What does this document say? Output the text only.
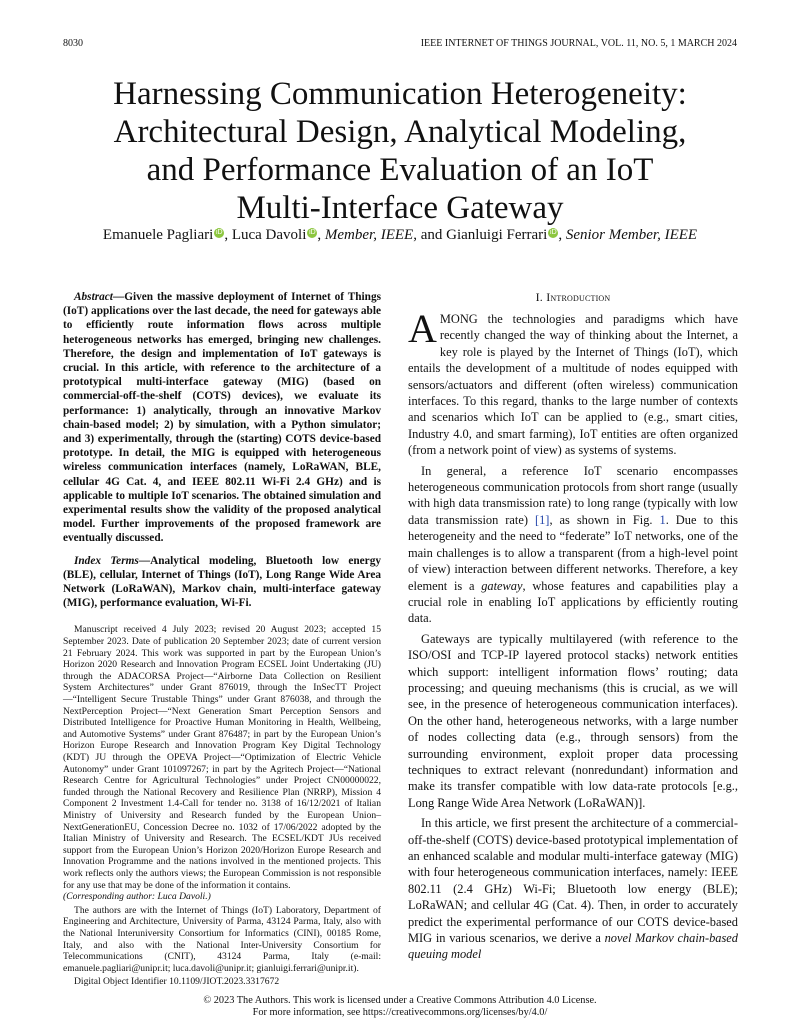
8030	IEEE INTERNET OF THINGS JOURNAL, VOL. 11, NO. 5, 1 MARCH 2024
Harnessing Communication Heterogeneity:
Architectural Design, Analytical Modeling,
and Performance Evaluation of an IoT
Multi-Interface Gateway
Emanuele Pagliari iD , Luca Davoli iD , Member, IEEE, and Gianluigi Ferrari iD , Senior Member, IEEE

Abstract—Given the massive deployment of Internet of Things (IoT) applications over the last decade, the need for gateways able to efficiently route information flows across multiple heterogeneous networks has emerged, bringing new challenges. Therefore, the design and implementation of IoT gateways is crucial. In this article, with reference to the architecture of a prototypical multi-interface gateway (MIG) (based on commercial-off-the-shelf (COTS) devices), we evaluate its performance: 1) analytically, through an innovative Markov chain-based model; 2) by simulation, with a Python simulator; and 3) experimentally, through the (starting) COTS device-based prototype. In detail, the MIG is equipped with heterogeneous wireless communication interfaces (namely, LoRaWAN, BLE, cellular 4G Cat. 4, and IEEE 802.11 Wi-Fi 2.4 GHz) and is applicable to multiple IoT scenarios. The obtained simulation and experimental results show the validity of the proposed analytical model. Further improvements of the proposed framework are eventually discussed.

Index Terms—Analytical modeling, Bluetooth low energy (BLE), cellular, Internet of Things (IoT), Long Range Wide Area Network (LoRaWAN), Markov chain, multi-interface gateway (MIG), performance evaluation, Wi-Fi.

Manuscript received 4 July 2023; revised 20 August 2023; accepted 15 September 2023. Date of publication 20 September 2023; date of current version 21 February 2024. This work was supported in part by the European Union’s Horizon 2020 Research and Innovation Program ECSEL Joint Undertaking (JU) through the ADACORSA Project—“Airborne Data Collection on Resilient System Architectures” under Grant 876019, through the InSecTT Project—“Intelligent Secure Trustable Things” under Grant 876038, and through the NextPerception Project—“Next Generation Smart Perception Sensors and Distributed Intelligence for Proactive Human Monitoring in Health, Wellbeing, and Automotive Systems” under Grant 876487; in part by the European Union’s Horizon Europe Research and Innovation Program Key Digital Technology (KDT) JU through the OPEVA Project—“Optimization of Electric Vehicle Autonomy” under Grant 101097267; in part by the Agritech Project—“National Research Centre for Agricultural Technologies” under Project CN00000022, funded through the National Recovery and Resilience Plan (NRRP), Mission 4 Component 2 Investment 1.4-Call for tender no. 3138 of 16/12/2021 of Italian Ministry of University and Research funded by the European Union–NextGenerationEU, Concession Decree no. 1032 of 17/06/2022 adopted by the Italian Ministry of University and Research. The ECSEL/KDT JUs received support from the European Union’s Horizon 2020/Horizon Europe Research and Innovation Programme and the nations involved in the mentioned projects. This work reflects only the authors views; the European Commission is not responsible for any use that may be done of the information it contains.
(Corresponding author: Luca Davoli.)

The authors are with the Internet of Things (IoT) Laboratory, Department of Engineering and Architecture, University of Parma, 43124 Parma, Italy, also with the National Interuniversity Consortium for Informatics (CINI), 00185 Rome, Italy, and also with the National Inter-University Consortium for Telecommunications (CNIT), 43124 Parma, Italy (e-mail: emanuele.pagliari@unipr.it; luca.davoli@unipr.it; gianluigi.ferrari@unipr.it).

Digital Object Identifier 10.1109/JIOT.2023.3317672

I. Introduction

AMONG the technologies and paradigms which have recently changed the way of thinking about the Internet, a key role is played by the Internet of Things (IoT), which entails the development of a multitude of nodes equipped with sensors/actuators and different (often wireless) communication interfaces. To this regard, thanks to the large number of contexts and scenarios which IoT can be applied to (e.g., smart cities, Industry 4.0, and smart farming), IoT entities are often organized (from a network point of view) as systems of systems.

In general, a reference IoT scenario encompasses heterogeneous communication protocols from short range (usually with high data transmission rate) to long range (typically with low data transmission rate) [1], as shown in Fig. 1. Due to this heterogeneity and the need to “federate” IoT networks, one of the main challenges is to allow a transparent (from a high-level point of view) interaction between different networks. Therefore, a key element is a gateway, whose features and capabilities play a crucial role in enabling IoT applications by efficiently routing data.

Gateways are typically multilayered (with reference to the ISO/OSI and TCP-IP layered protocol stacks) network entities which support: intelligent information flows’ routing; data processing; and queuing mechanisms (this is crucial, as we will see, in the presence of heterogeneous communication interfaces). On the other hand, heterogeneous networks, with a large number of nodes collecting data (e.g., through sensors) from the surrounding environment, exploit proper data processing techniques to extract relevant (nonredundant) information and make its transfer compatible with low data-rate protocols [e.g., Long Range Wide Area Network (LoRaWAN)].

In this article, we first present the architecture of a commercial-off-the-shelf (COTS) device-based prototypical implementation of an enhanced scalable and modular multi-interface gateway (MIG) with four heterogeneous communication interfaces, namely: IEEE 802.11 (2.4 GHz) Wi-Fi; Bluetooth low energy (BLE); LoRaWAN; and cellular 4G (Cat. 4). Then, in order to accurately predict the experimental performance of our COTS device-based MIG in various scenarios, we derive a novel Markov chain-based queuing model

© 2023 The Authors. This work is licensed under a Creative Commons Attribution 4.0 License.
For more information, see https://creativecommons.org/licenses/by/4.0/
